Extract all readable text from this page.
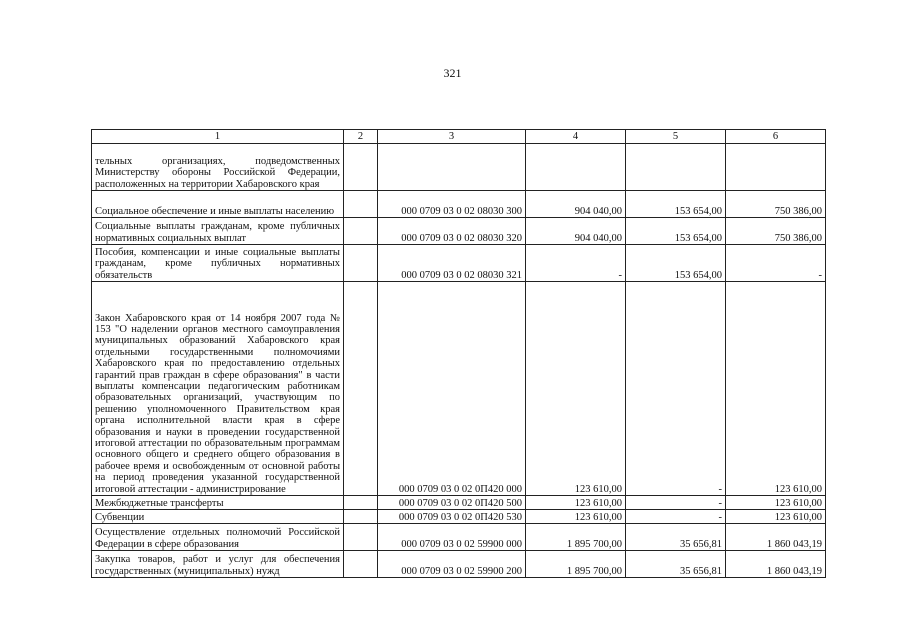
321
1	2	3	4	5	6
тельных организациях, подведомственных Министерству обороны Российской Федерации, расположенных на территории Хабаровского края					
Социальное обеспечение и иные выплаты населению		000 0709 03 0 02 08030 300	904 040,00	153 654,00	750 386,00
Социальные выплаты гражданам, кроме публичных нормативных социальных выплат		000 0709 03 0 02 08030 320	904 040,00	153 654,00	750 386,00
Пособия, компенсации и иные социальные выплаты гражданам, кроме публичных нормативных обязательств		000 0709 03 0 02 08030 321	-	153 654,00	-
Закон Хабаровского края от 14 ноября 2007 года № 153 "О наделении органов местного самоуправления муниципальных образований Хабаровского края отдельными государственными полномочиями Хабаровского края по предоставлению отдельных гарантий прав граждан в сфере образования" в части выплаты компенсации педагогическим работникам образовательных организаций, участвующим по решению уполномоченного Правительством края органа исполнительной власти края в сфере образования и науки в проведении государственной итоговой аттестации по образовательным программам основного общего и среднего общего образования в рабочее время и освобожденным от основной работы на период проведения указанной государственной итоговой аттестации - администрирование		000 0709 03 0 02 0П420 000	123 610,00	-	123 610,00
Межбюджетные трансферты		000 0709 03 0 02 0П420 500	123 610,00	-	123 610,00
Субвенции		000 0709 03 0 02 0П420 530	123 610,00	-	123 610,00
Осуществление отдельных полномочий Российской Федерации в сфере образования		000 0709 03 0 02 59900 000	1 895 700,00	35 656,81	1 860 043,19
Закупка товаров, работ и услуг для обеспечения государственных (муниципальных) нужд		000 0709 03 0 02 59900 200	1 895 700,00	35 656,81	1 860 043,19
